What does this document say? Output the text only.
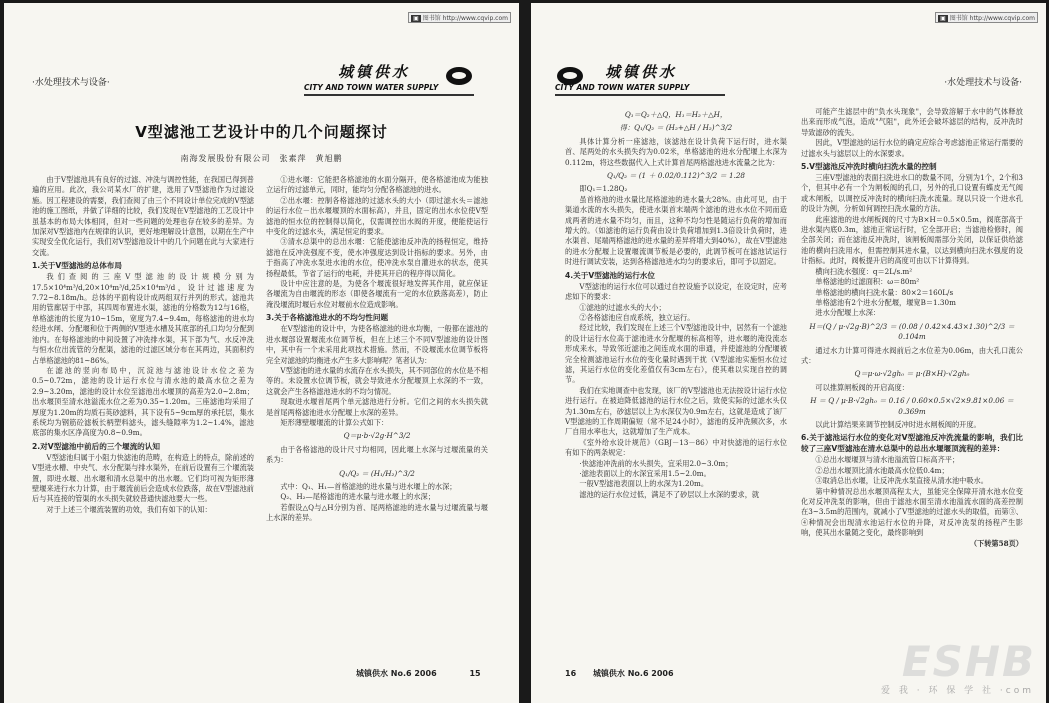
▣ 图书馆 http://www.cqvip.com
·水处理技术与设备·
城镇供水
CITY AND TOWN WATER SUPPLY
V型滤池工艺设计中的几个问题探讨
南海发展股份有限公司　张素萍　黄旭鹏

由于V型滤池具有良好的过滤、冲洗与调控性能，在我国已得到普遍的应用。此次，我公司某水厂的扩建，选用了V型滤池作为过滤设施。因工程建设的需要，我们查阅了由三个不同设计单位完成的V型滤池的施工图纸，并做了详细的比较，我们发现在V型滤池的工艺设计中虽基本的布局大体相同，但对一些问题的处理也存在较多的差异。为加深对V型滤池内在规律的认识，更好地理解设计意图，以期在生产中实现安全优化运行，我们对V型滤池设计中的几个问题在此与大家进行交流。

1.关于V型滤池的总体布局

我们查阅的三座V型滤池的设计规模分别为17.5×10⁴m³/d,20×10⁴m³/d,25×10⁴m³/d，设计过滤速度为7.72~8.18m/h。总体的平面构设计成两组双行并列的形式。滤池共用的管廊居于中部，其四周布置进水渠，滤池的分格数为12与16格，单格滤池的长度为10~15m，宽度为7.4~9.4m，每格滤池的进水均经进水闸、分配堰和位于两侧的V型进水槽及其底部的孔口均匀分配到池内。在每格滤池的中间设置了冲洗排水渠，其下部为气、水反冲洗与恒水位出流管的分配渠，滤池的过滤区域分布在其两边，其面积约占单格滤池的81~86%。

在滤池的竖向布局中，沉淀池与滤池设计水位之差为0.5~0.72m，滤池的设计运行水位与清水池的最高水位之差为2.9~3.20m，滤池的设计水位至滤池出水堰顶的高差为2.0~2.8m；出水堰顶至清水池溢流水位之差为0.35~1.20m。三座滤池均采用了厚度为1.20m的均质石英砂滤料，其下设有5~9cm厚的承托层，集水系统均为钢筋砼滤板长柄塑料滤头，滤头缝隙率为1.2~1.4%，滤池底部的集水区净高度为0.8~0.9m。

2.对V型滤池中前后的三个堰流的认知

V型滤池归属于小阻力快滤池的范畴，在构造上的特点，除前述的V型进水槽、中央气、水分配渠与排水渠外，在前后设置有三个堰流装置，即进水堰、出水堰和清水总渠中的出水堰。它们均可视为矩形薄壁堰来进行水力计算，由于堰流前后会造成水位跌落，故在V型滤池前后与其连接的管渠的水头损失就较普通快滤池要大一些。

对于上述三个堰流装置的功效，我们有如下的认知：

①进水堰：它能把各格滤池的水面分隔开，使各格滤池成为能独立运行的过滤单元，同时，能均匀分配各格滤池的进水。

②出水堰：控制各格滤池的过滤水头的大小（即过滤水头＝滤池的运行水位－出水堰堰顶的水面标高），并且，固定的出水水位使V型滤池的恒水位的控制得以简化，仅需调控出水阀的开度，便能使运行中变化的过滤水头，满足恒定的要求。

③清水总渠中的总出水堰：它能使滤池反冲洗的扬程恒定，维持滤池在反冲洗强度不变，使水冲强度达到设计指标的要求。另外，由于指高了冲洗水泵进水池的水位，使冲洗水泵自灌进水的状态，使其扬程最低，节省了运行的电耗，并使其开启的程序得以简化。

设计中应注意的是，为使各个堰流很好地发挥其作用，就应保证各堰流为自由堰流的形态（即使各堰流有一定的水位跌落高差），防止淹没堰流时堰后水位对堰前水位造成影响。

3.关于各格滤池进水的不均匀性问题

在V型滤池的设计中，为使各格滤池的进水均衡，一般都在滤池的进水堰部设置堰流水位调节板，但在上述三个不同V型滤池的设计图中，其中有一个未采用此项技术措施。然而，不设堰流水位调节板将完全对滤池的均衡进水产生多大影响呢？笔者认为：

V型滤池的进水量的水流存在水头损失，其不同部位的水位是不相等的。未设置水位调节板，就会导致进水分配堰顶上水深的不一致，这就会产生各格滤池进水的不均匀情况。

现取进水堰首尾两个单元滤池进行分析。它们之间的水头损失就是首尾两格滤池进水分配堰上水深的差异。

矩形薄壁堰堰流的计算公式如下：

Q＝μ·b·√2g·H^3/2

由于各格滤池的设计尺寸均相同，因此堰上水深与过堰流量的关系为：

Q₁/Q₂ ＝ (H₁/H₂)^3/2

式中：Q₁、H₁—首格滤池的进水量与进水堰上的水深；

Q₂、H₂—尾格滤池的进水量与进水堰上的水深；

若假设△Q与△H分别为首、尾两格滤池的进水量与过堰流量与堰上水深的差异。

城镇供水 No.6 2006	15
▣ 图书馆 http://www.cqvip.com
城镇供水
CITY AND TOWN WATER SUPPLY	·水处理技术与设备·
Q₁＝Q₂＋△Q，H₁＝H₂＋△H，
得：Q₁/Q₂ ＝ (H₂+△H / H₂)^3/2

具体计算分析一座滤池，该滤池在设计负荷下运行时，进水渠首、尾两处的水头损失约为0.02米，单格滤池的进水分配堰上水深为0.112m，将这些数据代入上式计算首尾两格滤池进水流量之比为：

Q₁/Q₂ ＝ (1 ＋ 0.02/0.112)^3/2 ＝ 1.28

即Q₁＝1.28Q₂

虽首格池的进水量比尾格滤池的进水量大28%。由此可见，由于渠道水流的水头损失，使进水渠首末端两个滤池的进水水位不同而造成两者的进水量不均匀，而且，这种不均匀性是随运行负荷的增加而增大的。（如滤池的运行负荷由设计负荷增加到1.3倍设计负荷时，进水渠首、尾端两格滤池的进水量的差异将增大到40%），故在V型滤池的进水分配堰上设置堰流调节板是必要的，此调节板可在滤池试运行时进行调试安装，达到各格滤池进水均匀的要求后，即可予以固定。

4.关于V型滤池的运行水位

V型滤池的运行水位可以通过自控设施予以设定，在设定时，应考虑如下的要求：

①滤池的过滤水头的大小；

②各格滤池应自成系统，独立运行。

经过比较，我们发现在上述三个V型滤池设计中，居然有一个滤池的设计运行水位高于滤池进水分配堰的标高相等，进水堰的淹没流态形成来水，导致邻近滤池之间连成水面的串通，并使滤池的分配堰被完全检测滤池运行水位的变化量时遇到干扰（V型滤池实施恒水位过滤，其运行水位的变化差值仅有3cm左右），使其难以实现自控的调节。

我们在实地调查中也发现，该厂的V型滤池也无法按设计运行水位进行运行。在被迫降低滤池的运行水位之后，致使实际的过滤水头仅为1.30m左右，砂滤层以上为水深仅为0.9m左右，这就是造成了该厂V型滤池的工作周期偏短（常不足24小时），滤池的反冲洗频次多，水厂自用水率也大，这就增加了生产成本。

《室外给水设计规范》（GBJ－13－86）中对快滤池的运行水位有如下的两条规定：

·快滤池冲洗前的水头损失，宜采用2.0~3.0m；

·滤池表面以上的水深宜采用1.5~2.0m。

一般V型滤池表面以上的水深为1.20m。

滤池的运行水位过低，满足不了砂层以上水深的要求，就

可能产生滤层中的"负水头现象"，会导致溶解于水中的气体释放出来而形成气泡，造成"气阻"，此外还会破坏滤层的结构，反冲洗时导致滤砂的流失。

因此，V型滤池的运行水位的确定应综合考虑滤池正常运行需要的过滤水头与滤层以上的水深要求。

5.V型滤池反冲洗时横向扫洗水量的控制

三座V型滤池的表面扫洗进水口的数量不同，分别为1个，2个和3个，但其中必有一个为闸板阀的孔口，另外的孔口设置有蝶皮无气阀或木闸板，以调控反冲洗时的横向扫洗水流量。现以只设一个进水孔的设计为例，分析如何调控扫洗水量的方法。

此座滤池的进水闸板阀的尺寸为B×H＝0.5×0.5m，阀底部高于进水渠内底0.3m，滤池正常运行时，它全部开启；当滤池检修时，阀全部关闭；而在滤池反冲洗时，该闸板阀需部分关闭，以保证供给滤池的横向扫洗用水，但需控制其进水量，以达到横向扫洗水强度的设计指标。此时，阀板提升启的高度可由以下计算得到。

横向扫洗水强度：q＝2L/s.m²

单格滤池的过滤面积：ω＝80m²

单格滤池的横向扫洗水量：80×2＝160L/s

单格滤池有2个进水分配堰，堰宽B＝1.30m

进水分配堰上水深：

H＝(Q / μ·√2g·B)^2/3 ＝ (0.08 / 0.42×4.43×1.30)^2/3 ＝ 0.104m

通过水力计算可得进水阀前后之水位差为0.06m，由大孔口流公式：

Q＝μ·ω·√2gh₀ ＝ μ·(B×H)·√2gh₀

可以推算闸板阀的开启高度：

H ＝ Q / μ·B·√2gh₀ ＝ 0.16 / 0.60×0.5×√2×9.81×0.06 ＝ 0.369m

以此计算结果来调节控制反冲时进水闸板阀的开度。

6.关于滤池运行水位的变化对V型滤池反冲洗流量的影响，我们比较了三座V型滤池在清水总渠中的总出水堰堰顶流程的差异：

①总出水堰堰顶与清水池溢流管口标高齐平；

②总出水堰顶比清水池最高水位低0.4m；

③取消总出水堰，让反冲洗水泵直接从清水池中吸水。

第中种情况总出水堰顶高程太大，虽能完全保障开清水池水位变化对反冲洗泵的影响，但由于滤池水面至清水池溢流水面的高差控制在3~3.5m的范围内，就减小了V型滤池的过滤水头的取值，而第③、④种情况会出现清水池运行水位的升降，对反冲洗泵的扬程产生影响，使其出水量随之变化，最终影响到

（下转第58页）
16 城镇供水 No.6 2006	ESHB
爱 我 · 环 保 学 社 ·com
